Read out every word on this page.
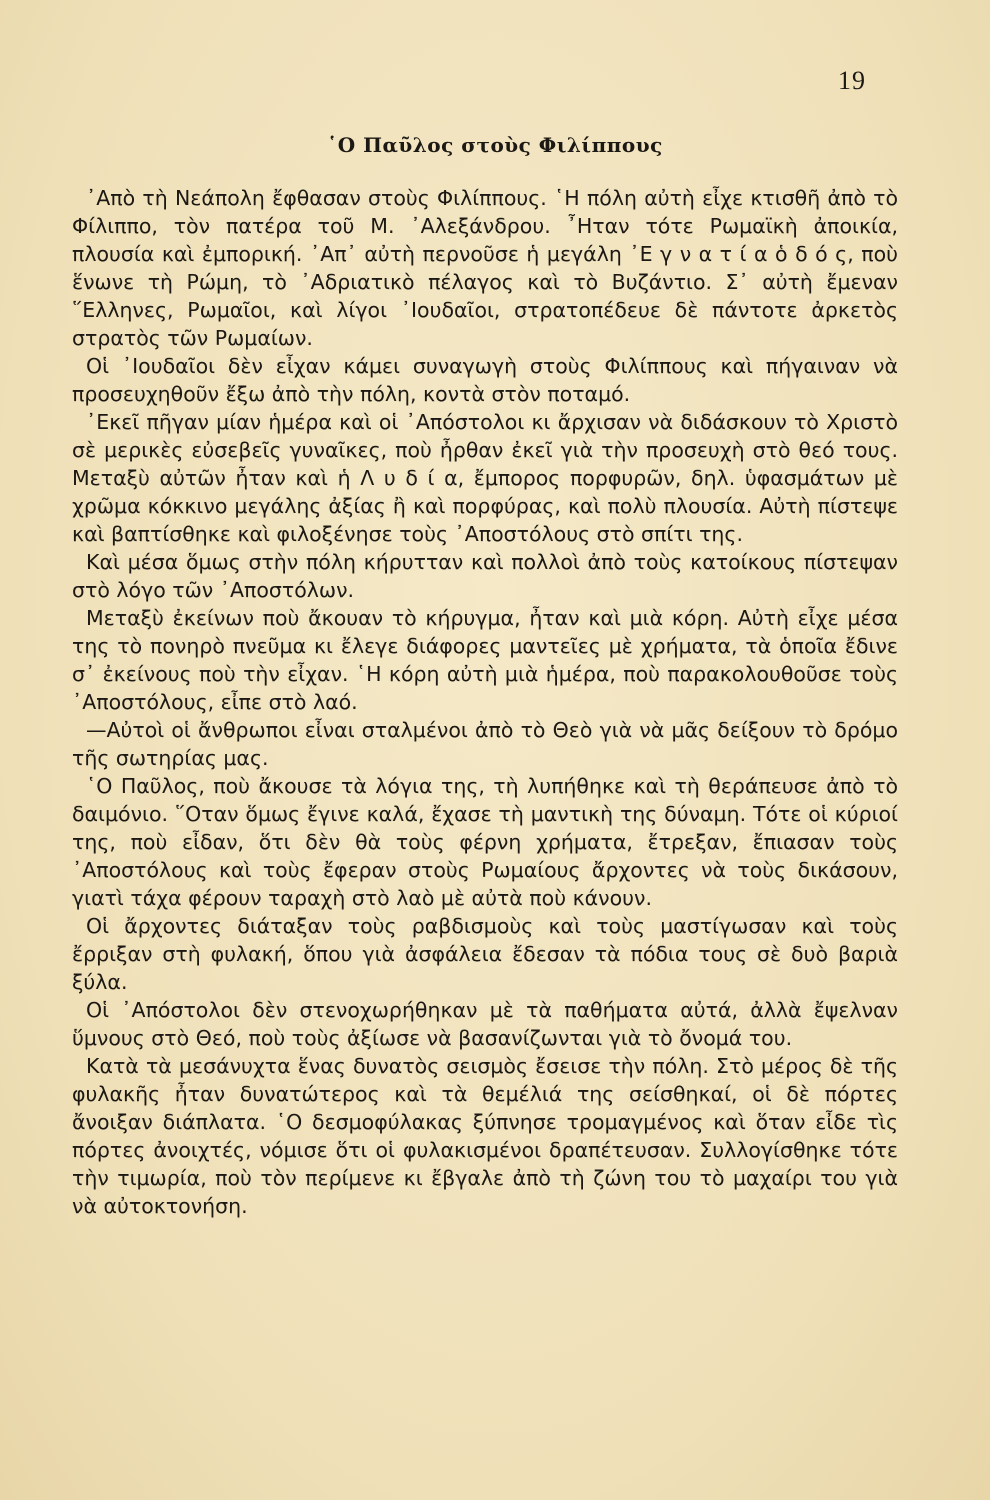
19
῾Ο Παῦλος στοὺς Φιλίππους

᾿Απὸ τὴ Νεάπολη ἔφθασαν στοὺς Φιλίππους. ῾Η πόλη αὐτὴ εἶχε κτισθῆ ἀπὸ τὸ Φίλιππο, τὸν πατέρα τοῦ Μ. ᾿Αλεξάνδρου. ῏Ηταν τότε Ρωμαϊκὴ ἀποικία, πλουσία καὶ ἐμπορική. ᾿Απ᾿ αὐτὴ περνοῦσε ἡ μεγάλη ᾿Ε γ ν α τ ί α ὁ δ ό ς, ποὺ ἕνωνε τὴ Ρώμη, τὸ ᾿Αδριατικὸ πέλαγος καὶ τὸ Βυζάντιο. Σ᾿ αὐτὴ ἔμεναν ῞Ελληνες, Ρωμαῖοι, καὶ λίγοι ᾿Ιουδαῖοι, στρατοπέδευε δὲ πάντοτε ἀρκετὸς στρατὸς τῶν Ρωμαίων.

Οἱ ᾿Ιουδαῖοι δὲν εἶχαν κάμει συναγωγὴ στοὺς Φιλίππους καὶ πήγαιναν νὰ προσευχηθοῦν ἔξω ἀπὸ τὴν πόλη, κοντὰ στὸν ποταμό.

᾿Εκεῖ πῆγαν μίαν ἡμέρα καὶ οἱ ᾿Απόστολοι κι ἄρχισαν νὰ διδάσκουν τὸ Χριστὸ σὲ μερικὲς εὐσεβεῖς γυναῖκες, ποὺ ἦρθαν ἐκεῖ γιὰ τὴν προσευχὴ στὸ θεό τους. Μεταξὺ αὐτῶν ἦταν καὶ ἡ Λ υ δ ί α, ἔμπορος πορφυρῶν, δηλ. ὑφασμάτων μὲ χρῶμα κόκκινο μεγάλης ἀξίας ἢ καὶ πορφύρας, καὶ πολὺ πλουσία. Αὐτὴ πίστεψε καὶ βαπτίσθηκε καὶ φιλοξένησε τοὺς ᾿Αποστόλους στὸ σπίτι της.

Καὶ μέσα ὅμως στὴν πόλη κήρυτταν καὶ πολλοὶ ἀπὸ τοὺς κατοίκους πίστεψαν στὸ λόγο τῶν ᾿Αποστόλων.

Μεταξὺ ἐκείνων ποὺ ἄκουαν τὸ κήρυγμα, ἦταν καὶ μιὰ κόρη. Αὐτὴ εἶχε μέσα της τὸ πονηρὸ πνεῦμα κι ἔλεγε διάφορες μαντεῖες μὲ χρήματα, τὰ ὁποῖα ἔδινε σ᾿ ἐκείνους ποὺ τὴν εἶχαν. ῾Η κόρη αὐτὴ μιὰ ἡμέρα, ποὺ παρακολουθοῦσε τοὺς ᾿Αποστόλους, εἶπε στὸ λαό.

—Αὐτοὶ οἱ ἄνθρωποι εἶναι σταλμένοι ἀπὸ τὸ Θεὸ γιὰ νὰ μᾶς δείξουν τὸ δρόμο τῆς σωτηρίας μας.

῾Ο Παῦλος, ποὺ ἄκουσε τὰ λόγια της, τὴ λυπήθηκε καὶ τὴ θεράπευσε ἀπὸ τὸ δαιμόνιο. ῞Οταν ὅμως ἔγινε καλά, ἔχασε τὴ μαντικὴ της δύναμη. Τότε οἱ κύριοί της, ποὺ εἶδαν, ὅτι δὲν θὰ τοὺς φέρνη χρήματα, ἔτρεξαν, ἔπιασαν τοὺς ᾿Αποστόλους καὶ τοὺς ἔφεραν στοὺς Ρωμαίους ἄρχοντες νὰ τοὺς δικάσουν, γιατὶ τάχα φέρουν ταραχὴ στὸ λαὸ μὲ αὐτὰ ποὺ κάνουν.

Οἱ ἄρχοντες διάταξαν τοὺς ραβδισμοὺς καὶ τοὺς μαστίγωσαν καὶ τοὺς ἔρριξαν στὴ φυλακή, ὅπου γιὰ ἀσφάλεια ἔδεσαν τὰ πόδια τους σὲ δυὸ βαριὰ ξύλα.

Οἱ ᾿Απόστολοι δὲν στενοχωρήθηκαν μὲ τὰ παθήματα αὐτά, ἀλλὰ ἔψελναν ὕμνους στὸ Θεό, ποὺ τοὺς ἀξίωσε νὰ βασανίζωνται γιὰ τὸ ὄνομά του.

Κατὰ τὰ μεσάνυχτα ἕνας δυνατὸς σεισμὸς ἔσεισε τὴν πόλη. Στὸ μέρος δὲ τῆς φυλακῆς ἦταν δυνατώτερος καὶ τὰ θεμέλιά της σείσθηκαί, οἱ δὲ πόρτες ἄνοιξαν διάπλατα. ῾Ο δεσμοφύλακας ξύπνησε τρομαγμένος καὶ ὅταν εἶδε τὶς πόρτες ἀνοιχτές, νόμισε ὅτι οἱ φυλακισμένοι δραπέτευσαν. Συλλογίσθηκε τότε τὴν τιμωρία, ποὺ τὸν περίμενε κι ἔβγαλε ἀπὸ τὴ ζώνη του τὸ μαχαίρι του γιὰ νὰ αὐτοκτονήση.
